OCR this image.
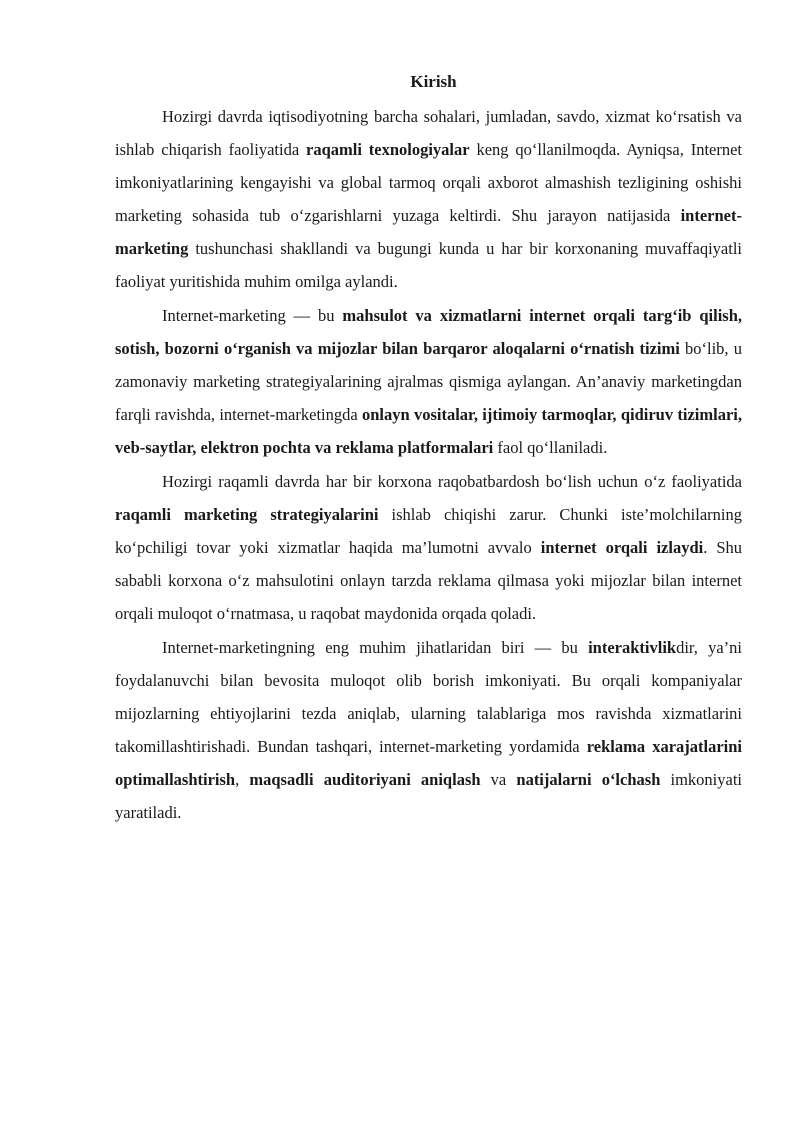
Kirish

Hozirgi davrda iqtisodiyotning barcha sohalari, jumladan, savdo, xizmat ko‘rsatish va ishlab chiqarish faoliyatida raqamli texnologiyalar keng qo‘llanilmoqda. Ayniqsa, Internet imkoniyatlarining kengayishi va global tarmoq orqali axborot almashish tezligining oshishi marketing sohasida tub o‘zgarishlarni yuzaga keltirdi. Shu jarayon natijasida internet-marketing tushunchasi shakllandi va bugungi kunda u har bir korxonaning muvaffaqiyatli faoliyat yuritishida muhim omilga aylandi.

Internet-marketing — bu mahsulot va xizmatlarni internet orqali targ‘ib qilish, sotish, bozorni o‘rganish va mijozlar bilan barqaror aloqalarni o‘rnatish tizimi bo‘lib, u zamonaviy marketing strategiyalarining ajralmas qismiga aylangan. An’anaviy marketingdan farqli ravishda, internet-marketingda onlayn vositalar, ijtimoiy tarmoqlar, qidiruv tizimlari, veb-saytlar, elektron pochta va reklama platformalari faol qo‘llaniladi.

Hozirgi raqamli davrda har bir korxona raqobatbardosh bo‘lish uchun o‘z faoliyatida raqamli marketing strategiyalarini ishlab chiqishi zarur. Chunki iste’molchilarning ko‘pchiligi tovar yoki xizmatlar haqida ma’lumotni avvalo internet orqali izlaydi. Shu sababli korxona o‘z mahsulotini onlayn tarzda reklama qilmasa yoki mijozlar bilan internet orqali muloqot o‘rnatmasa, u raqobat maydonida orqada qoladi.

Internet-marketingning eng muhim jihatlaridan biri — bu interaktivlikdir, ya’ni foydalanuvchi bilan bevosita muloqot olib borish imkoniyati. Bu orqali kompaniyalar mijozlarning ehtiyojlarini tezda aniqlab, ularning talablariga mos ravishda xizmatlarini takomillashtirishadi. Bundan tashqari, internet-marketing yordamida reklama xarajatlarini optimallashtirish, maqsadli auditoriyani aniqlash va natijalarni o‘lchash imkoniyati yaratiladi.
